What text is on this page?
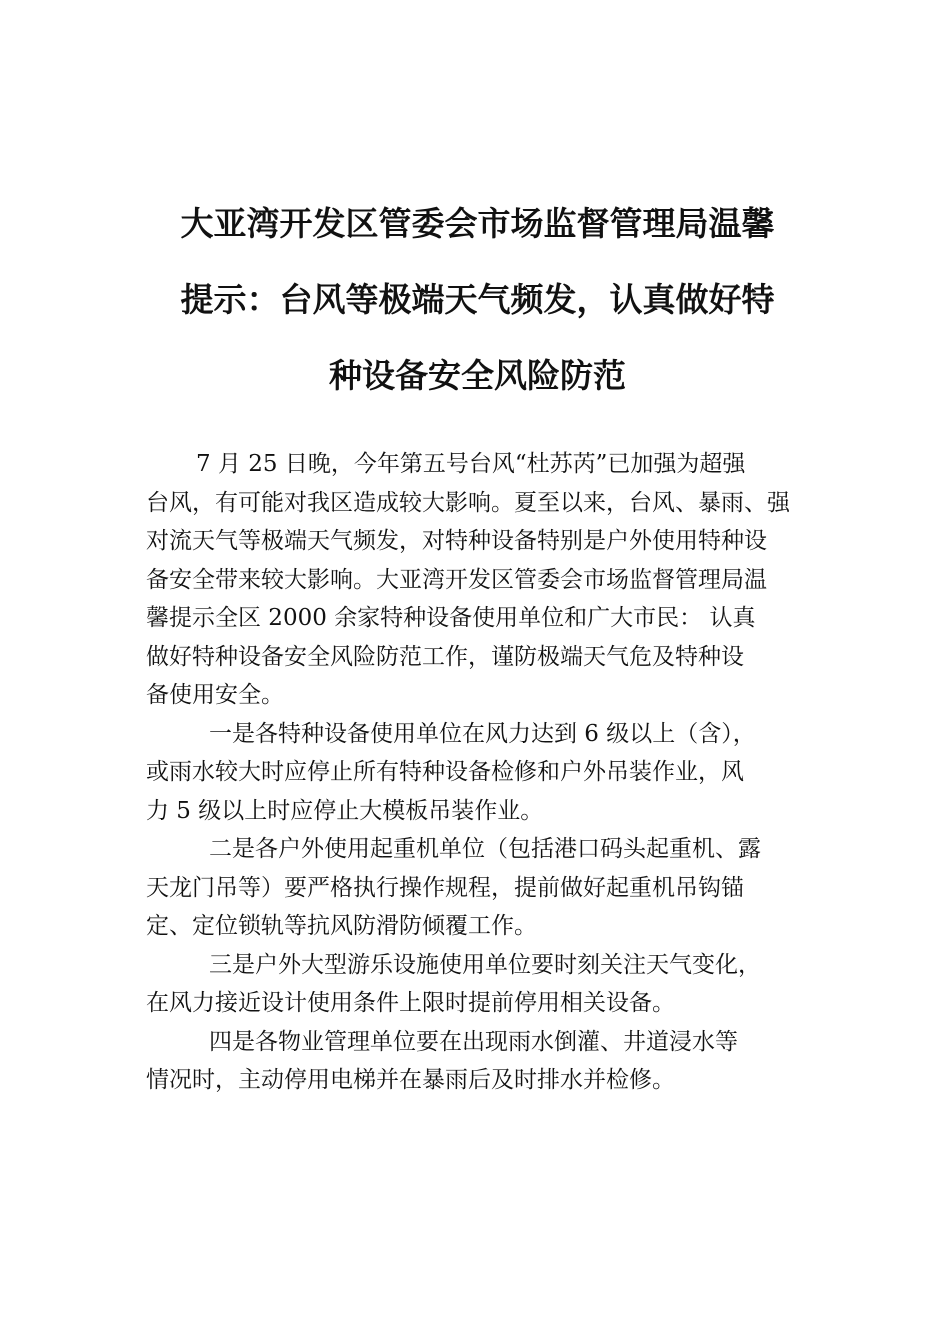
大亚湾开发区管委会市场监督管理局温馨
提示：台风等极端天气频发，认真做好特
种设备安全风险防范
7 月 25 日晚，今年第五号台风“杜苏芮”已加强为超强
台风，有可能对我区造成较大影响。夏至以来，台风、暴雨、强
对流天气等极端天气频发，对特种设备特别是户外使用特种设
备安全带来较大影响。大亚湾开发区管委会市场监督管理局温
馨提示全区 2000 余家特种设备使用单位和广大市民： 认真
做好特种设备安全风险防范工作，谨防极端天气危及特种设
备使用安全。
一是各特种设备使用单位在风力达到 6 级以上（含），
或雨水较大时应停止所有特种设备检修和户外吊装作业，风
力 5 级以上时应停止大模板吊装作业。
二是各户外使用起重机单位（包括港口码头起重机、露
天龙门吊等）要严格执行操作规程，提前做好起重机吊钩锚
定、定位锁轨等抗风防滑防倾覆工作。
三是户外大型游乐设施使用单位要时刻关注天气变化，
在风力接近设计使用条件上限时提前停用相关设备。
四是各物业管理单位要在出现雨水倒灌、井道浸水等
情况时，主动停用电梯并在暴雨后及时排水并检修。
